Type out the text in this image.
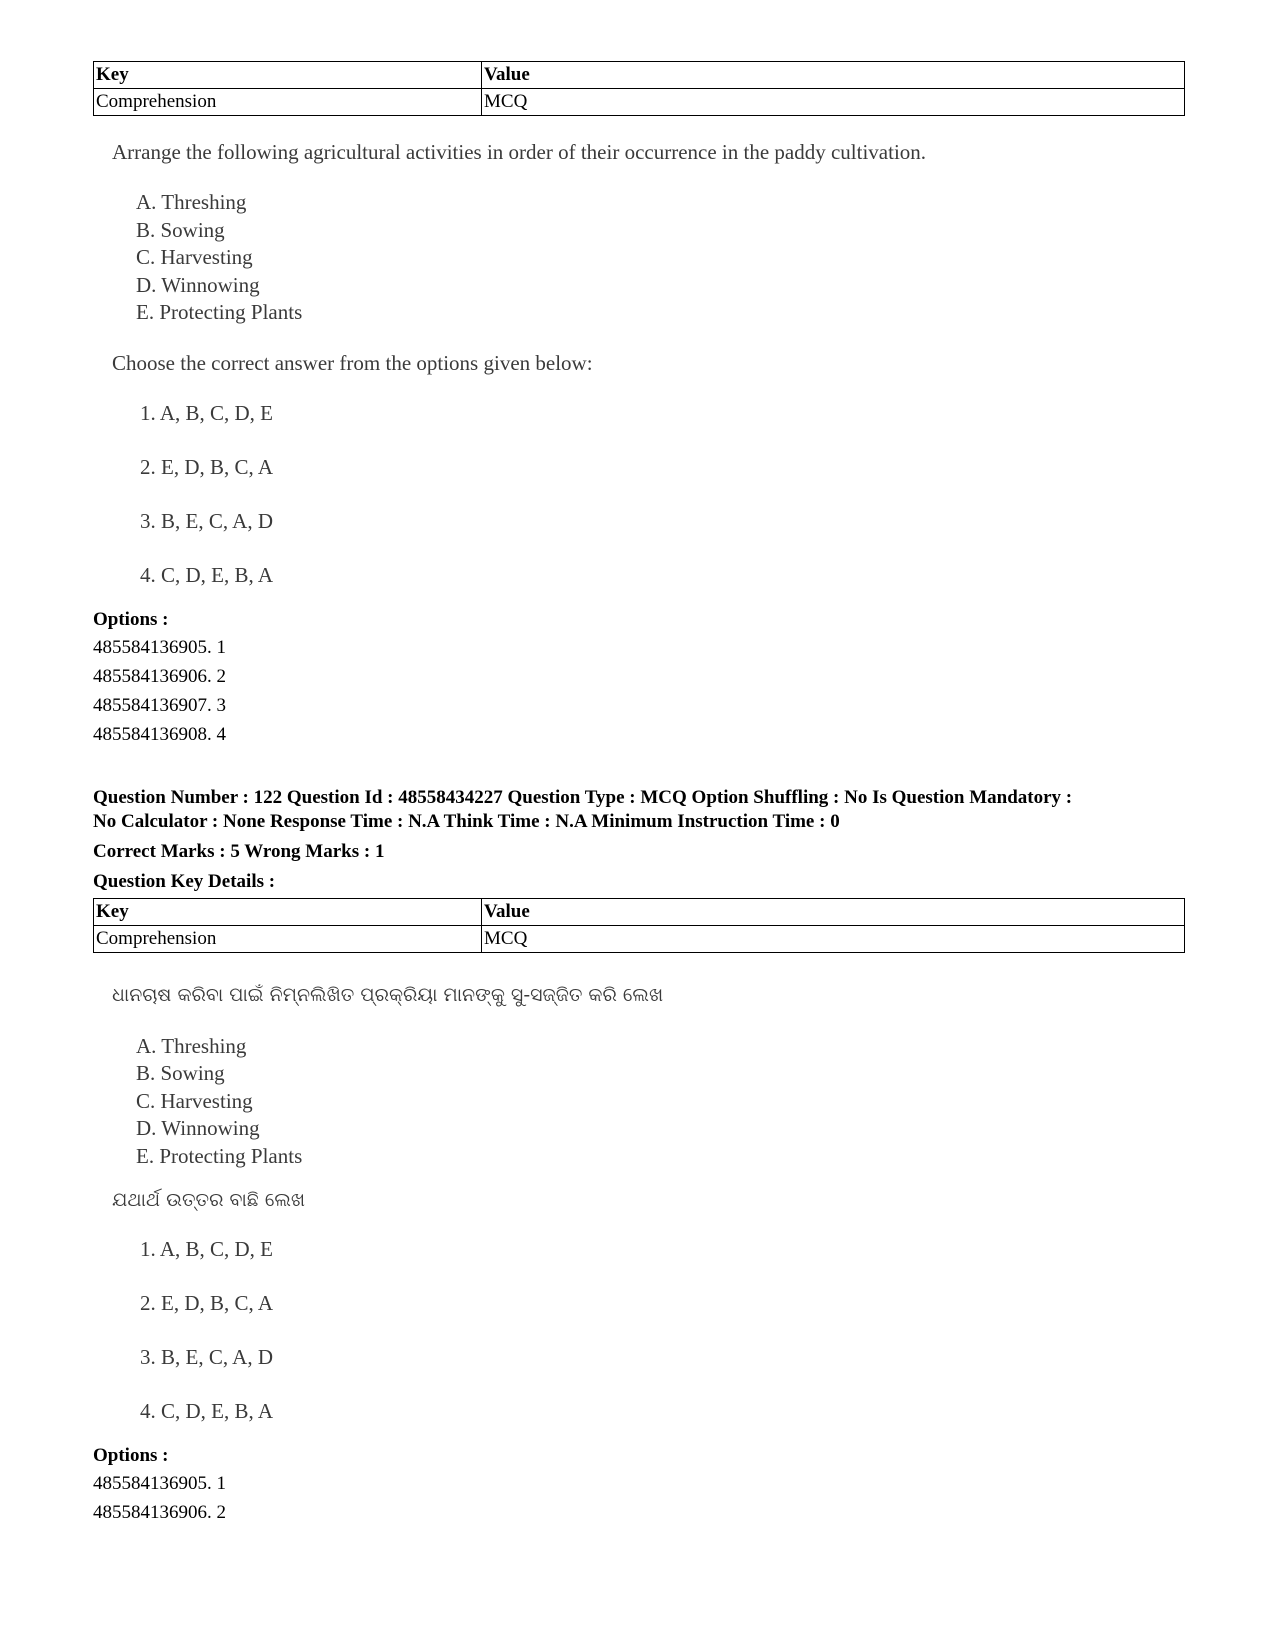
Key	Value
Comprehension	MCQ
Arrange the following agricultural activities in order of their occurrence in the paddy cultivation.
A. Threshing
B. Sowing
C. Harvesting
D. Winnowing
E. Protecting Plants
Choose the correct answer from the options given below:
1. A, B, C, D, E
2. E, D, B, C, A
3. B, E, C, A, D
4. C, D, E, B, A
Options :
485584136905. 1
485584136906. 2
485584136907. 3
485584136908. 4
Question Number : 122 Question Id : 48558434227 Question Type : MCQ Option Shuffling : No Is Question Mandatory :
No Calculator : None Response Time : N.A Think Time : N.A Minimum Instruction Time : 0
Correct Marks : 5 Wrong Marks : 1
Question Key Details :
Key	Value
Comprehension	MCQ
ଧାନଚାଷ କରିବା ପାଇଁ ନିମ୍ନଲିଖିତ ପ୍ରକ୍ରିୟା ମାନଙ୍କୁ ସୁ-ସଜ୍ଜିତ କରି ଲେଖ
A. Threshing
B. Sowing
C. Harvesting
D. Winnowing
E. Protecting Plants
ଯଥାର୍ଥ ଉତ୍ତର ବାଛି ଲେଖ
1. A, B, C, D, E
2. E, D, B, C, A
3. B, E, C, A, D
4. C, D, E, B, A
Options :
485584136905. 1
485584136906. 2
